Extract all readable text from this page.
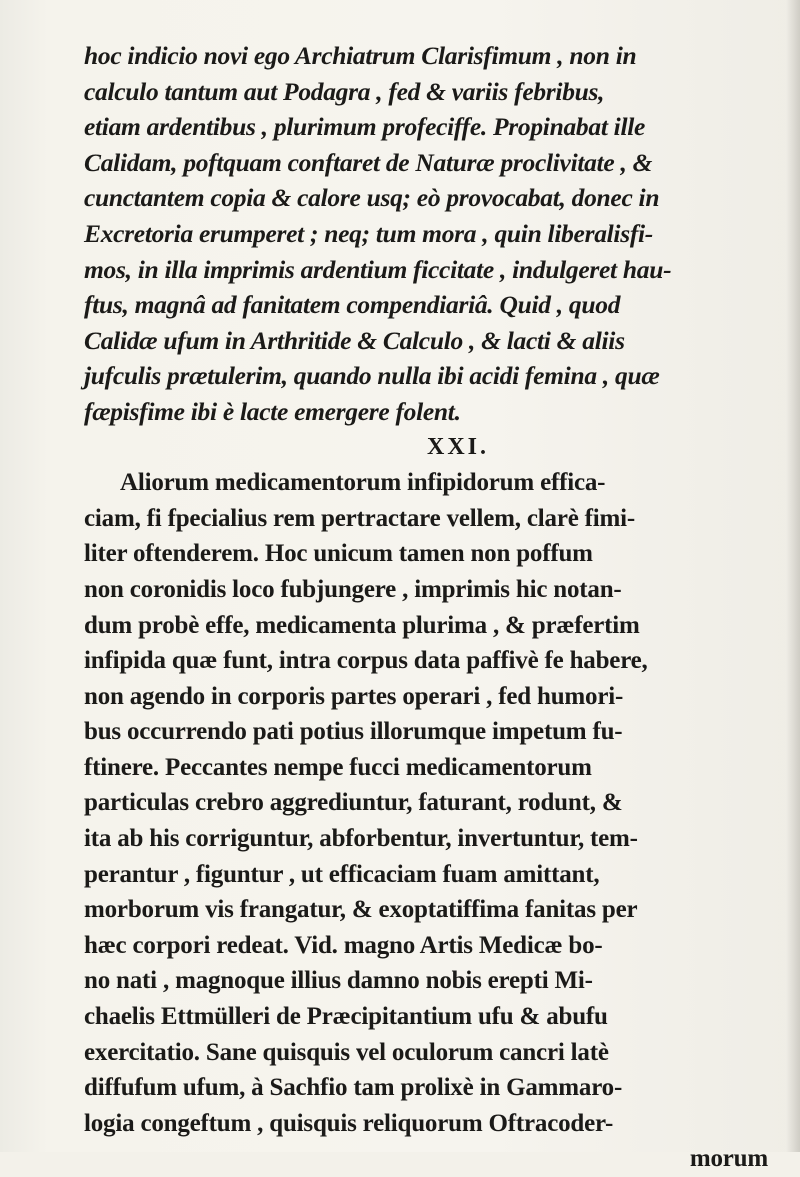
hoc indicio novi ego Archiatrum Clarisfimum , non in
calculo tantum aut Podagra , fed & variis febribus,
etiam ardentibus , plurimum profeciffe. Propinabat ille
Calidam, poftquam conftaret de Naturæ proclivitate , &
cunctantem copia & calore usq; eò provocabat, donec in
Excretoria erumperet ; neq; tum mora , quin liberalisfi-
mos, in illa imprimis ardentium ficcitate , indulgeret hau-
ftus, magnâ ad fanitatem compendiariâ. Quid , quod
Calidæ ufum in Arthritide & Calculo , & lacti & aliis
jufculis prætulerim, quando nulla ibi acidi femina , quæ
fæpisfime ibi è lacte emergere folent.
XXI.
Aliorum medicamentorum infipidorum effica-
ciam, fi fpecialius rem pertractare vellem, clarè fimi-
liter oftenderem. Hoc unicum tamen non poffum
non coronidis loco fubjungere , imprimis hic notan-
dum probè effe, medicamenta plurima , & præfertim
infipida quæ funt, intra corpus data paffivè fe habere,
non agendo in corporis partes operari , fed humori-
bus occurrendo pati potius illorumque impetum fu-
ftinere. Peccantes nempe fucci medicamentorum
particulas crebro aggrediuntur, faturant, rodunt, &
ita ab his corriguntur, abforbentur, invertuntur, tem-
perantur , figuntur , ut efficaciam fuam amittant,
morborum vis frangatur, & exoptatiffima fanitas per
hæc corpori redeat. Vid. magno Artis Medicæ bo-
no nati , magnoque illius damno nobis erepti Mi-
chaelis Ettmülleri de Præcipitantium ufu & abufu
exercitatio. Sane quisquis vel oculorum cancri latè
diffufum ufum, à Sachfio tam prolixè in Gammaro-
logia congeftum , quisquis reliquorum Oftracoder-
morum
